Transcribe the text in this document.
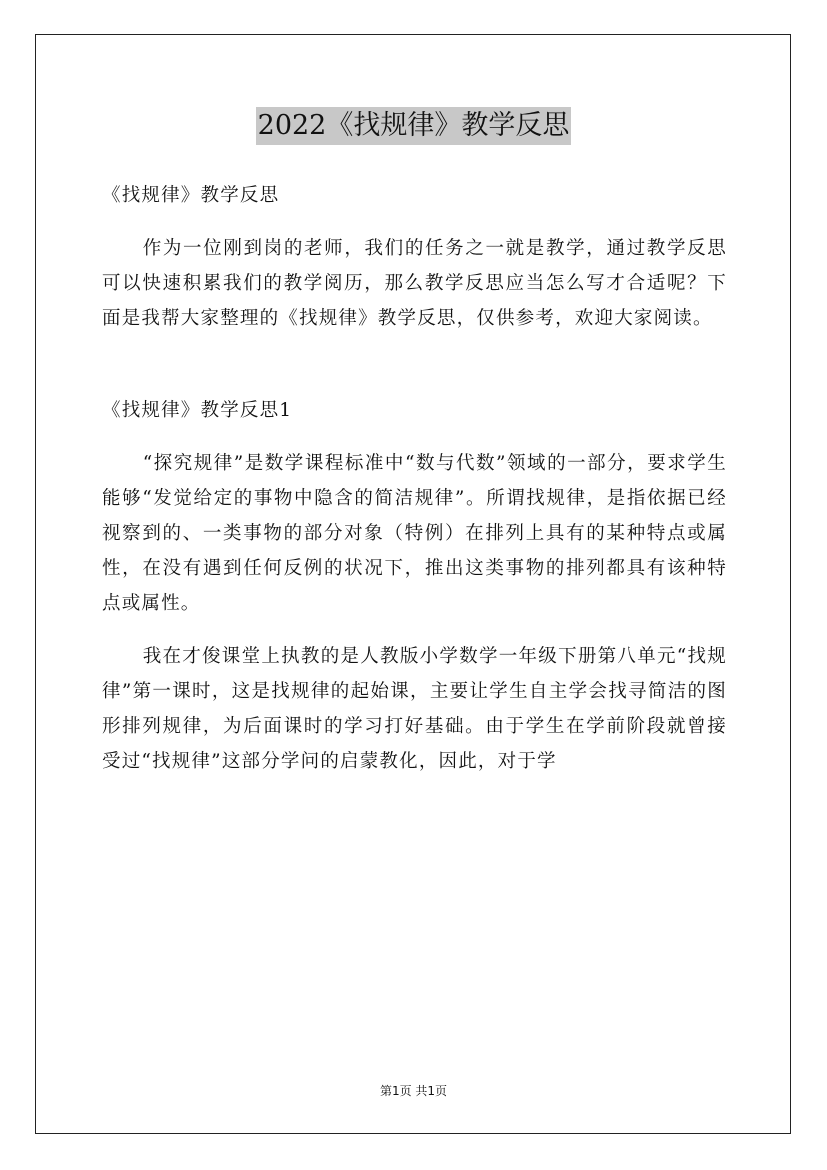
2022《找规律》教学反思

《找规律》教学反思

作为一位刚到岗的老师，我们的任务之一就是教学，通过教学反思可以快速积累我们的教学阅历，那么教学反思应当怎么写才合适呢？下面是我帮大家整理的《找规律》教学反思，仅供参考，欢迎大家阅读。

《找规律》教学反思1

“探究规律”是数学课程标准中“数与代数”领域的一部分，要求学生能够“发觉给定的事物中隐含的简洁规律”。所谓找规律，是指依据已经视察到的、一类事物的部分对象（特例）在排列上具有的某种特点或属性，在没有遇到任何反例的状况下，推出这类事物的排列都具有该种特点或属性。

我在才俊课堂上执教的是人教版小学数学一年级下册第八单元“找规律”第一课时，这是找规律的起始课，主要让学生自主学会找寻简洁的图形排列规律，为后面课时的学习打好基础。由于学生在学前阶段就曾接受过“找规律”这部分学问的启蒙教化，因此，对于学

第1页 共1页
